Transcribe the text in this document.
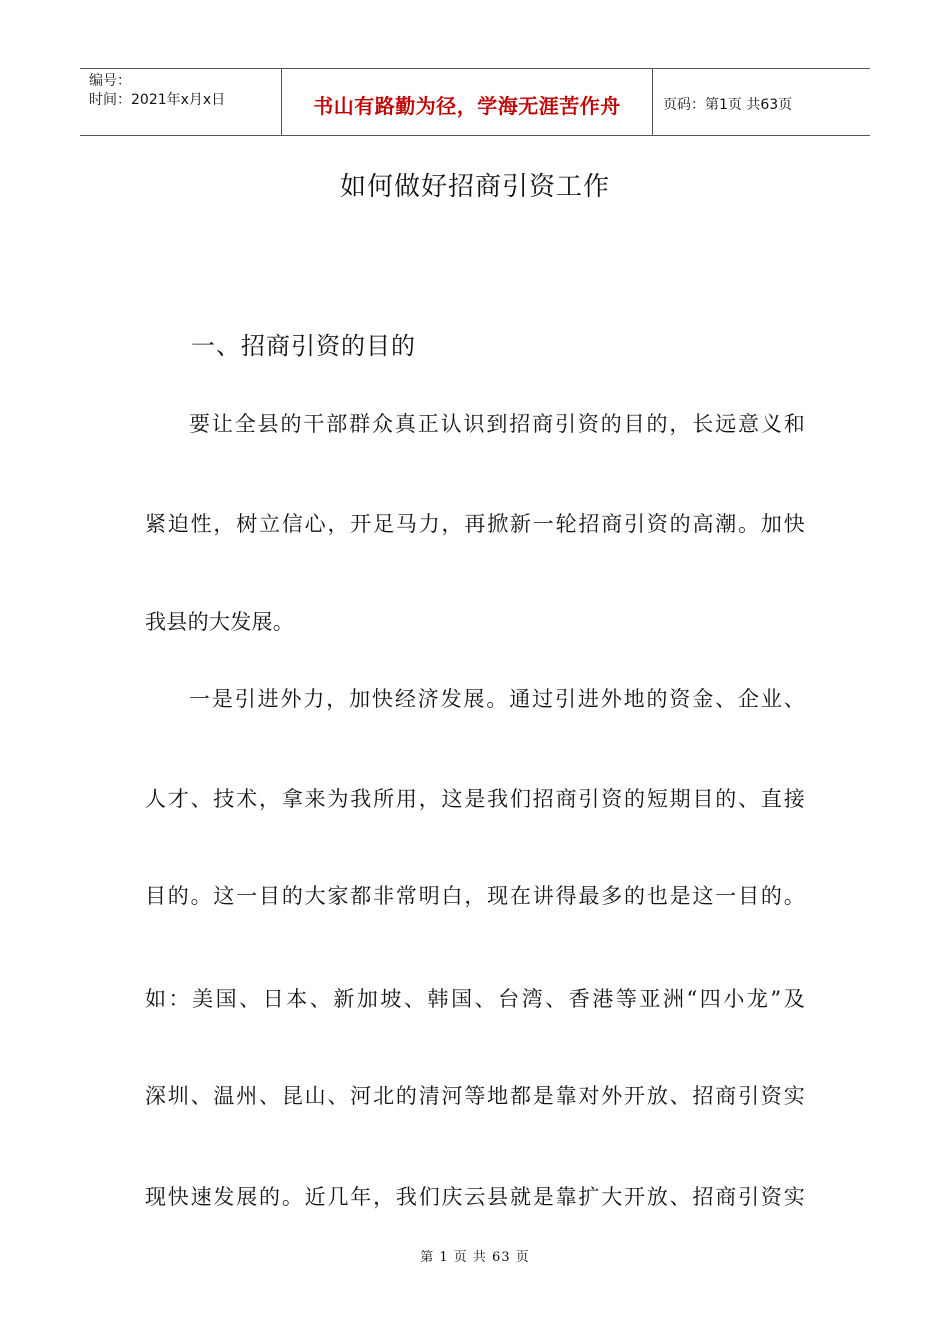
编号：
时间：2021年x月x日	书山有路勤为径，学海无涯苦作舟	页码：第1页 共63页
如何做好招商引资工作
一、招商引资的目的
要让全县的干部群众真正认识到招商引资的目的，长远意义和
紧迫性，树立信心，开足马力，再掀新一轮招商引资的高潮。加快
我县的大发展。
一是引进外力，加快经济发展。通过引进外地的资金、企业、
人才、技术，拿来为我所用，这是我们招商引资的短期目的、直接
目的。这一目的大家都非常明白，现在讲得最多的也是这一目的。
如：美国、日本、新加坡、韩国、台湾、香港等亚洲“四小龙”及
深圳、温州、昆山、河北的清河等地都是靠对外开放、招商引资实
现快速发展的。近几年，我们庆云县就是靠扩大开放、招商引资实
第 1 页 共 63 页
